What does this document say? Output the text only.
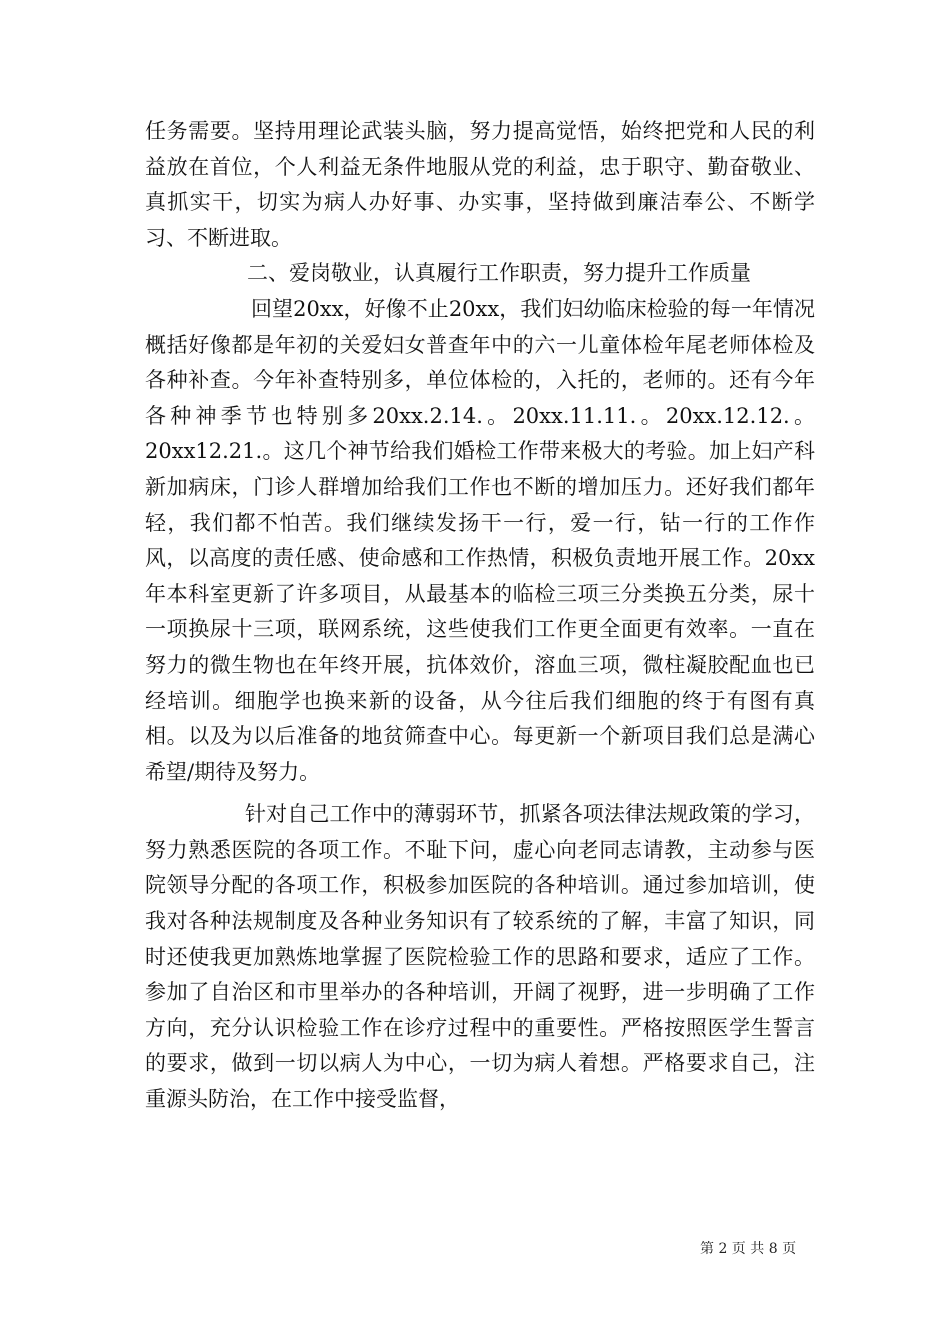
任务需要。坚持用理论武装头脑，努力提高觉悟，始终把党和人民的利益放在首位，个人利益无条件地服从党的利益，忠于职守、勤奋敬业、真抓实干，切实为病人办好事、办实事，坚持做到廉洁奉公、不断学习、不断进取。

二、爱岗敬业，认真履行工作职责，努力提升工作质量

回望20xx，好像不止20xx，我们妇幼临床检验的每一年情况概括好像都是年初的关爱妇女普查年中的六一儿童体检年尾老师体检及各种补查。今年补查特别多，单位体检的，入托的，老师的。还有今年各种神季节也特别多20xx.2.14.。20xx.11.11.。20xx.12.12.。20xx12.21.。这几个神节给我们婚检工作带来极大的考验。加上妇产科新加病床，门诊人群增加给我们工作也不断的增加压力。还好我们都年轻，我们都不怕苦。我们继续发扬干一行，爱一行，钻一行的工作作风，以高度的责任感、使命感和工作热情，积极负责地开展工作。20xx年本科室更新了许多项目，从最基本的临检三项三分类换五分类，尿十一项换尿十三项，联网系统，这些使我们工作更全面更有效率。一直在努力的微生物也在年终开展，抗体效价，溶血三项，微柱凝胶配血也已经培训。细胞学也换来新的设备，从今往后我们细胞的终于有图有真相。以及为以后准备的地贫筛查中心。每更新一个新项目我们总是满心希望/期待及努力。

针对自己工作中的薄弱环节，抓紧各项法律法规政策的学习，努力熟悉医院的各项工作。不耻下问，虚心向老同志请教，主动参与医院领导分配的各项工作，积极参加医院的各种培训。通过参加培训，使我对各种法规制度及各种业务知识有了较系统的了解，丰富了知识，同时还使我更加熟炼地掌握了医院检验工作的思路和要求，适应了工作。参加了自治区和市里举办的各种培训，开阔了视野，进一步明确了工作方向，充分认识检验工作在诊疗过程中的重要性。严格按照医学生誓言的要求，做到一切以病人为中心，一切为病人着想。严格要求自己，注重源头防治，在工作中接受监督，

第 2 页 共 8 页
